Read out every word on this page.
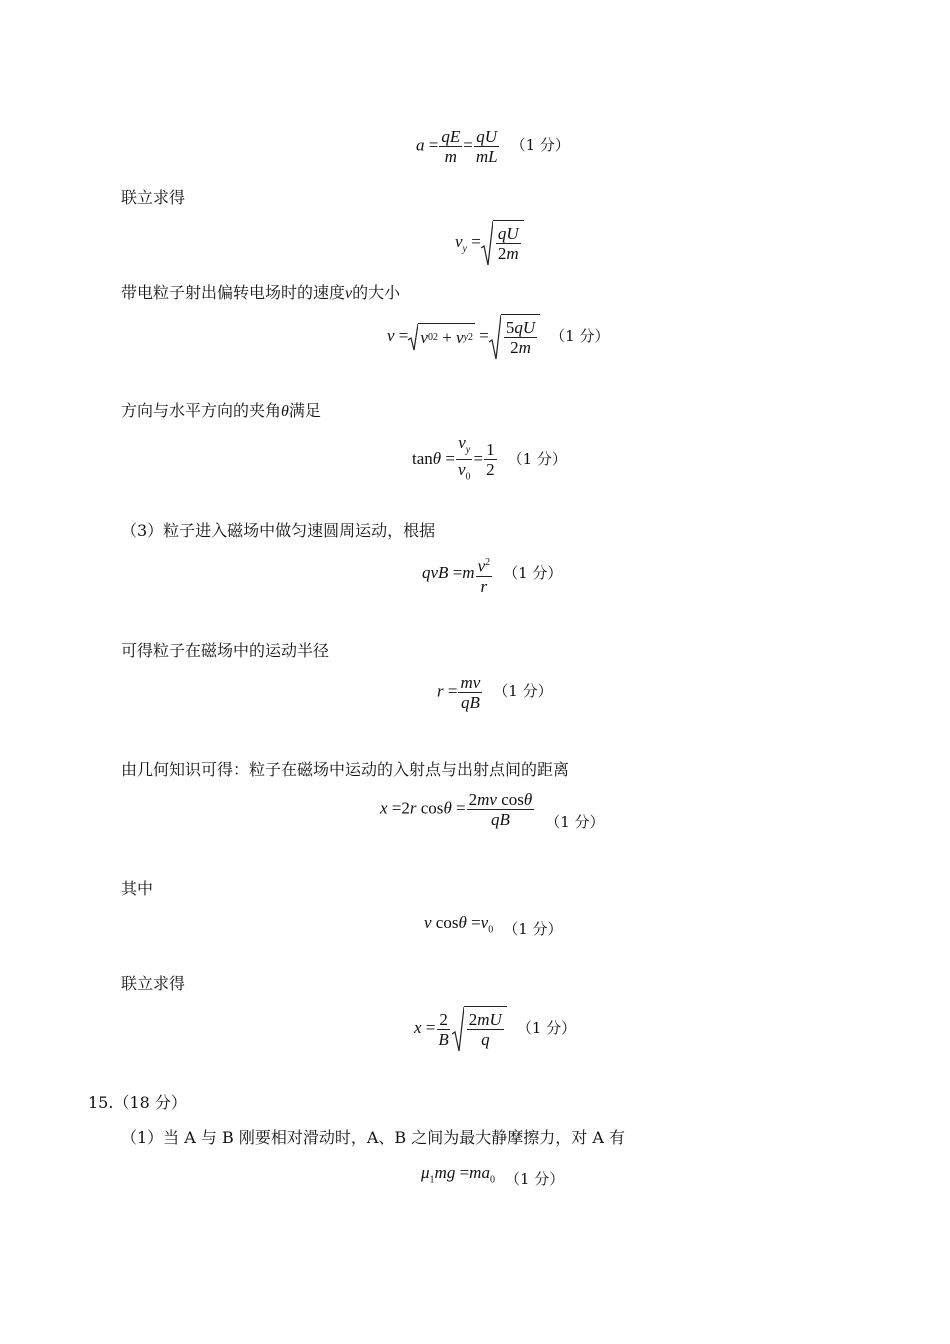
$a = \frac{qE}{m} = \frac{qU}{mL} (1$ 分）
联立求得
$v_y$ = qU
2m
带电粒子射出偏转电场时的速度v的大小
v = v 0 2 + v y 2 = 5qU
2m
（1 分）
方向与水平方向的夹角θ满足
$\tan\theta = \frac{v_y}{v_0} = \frac{1}{2} (1$ 分）
（3）粒子进入磁场中做匀速圆周运动，根据
qvB $=m \frac{v^2}{r} (1$ 分）
可得粒子在磁场中的运动半径
$r = \frac{mv}{qB} (1$ 分）
由几何知识可得：粒子在磁场中运动的入射点与出射点间的距离
x =2r $\cos\theta = \frac{\text{2mv cosθ}}{qB} (1$ 分）
其中
v $\cos\theta =v_0$ （1 分）
联立求得
$x = \frac{2}{B} 2mU$
q
（1 分）
15.（18 分）
（1）当 A 与 B 刚要相对滑动时，A、B 之间为最大静摩擦力，对 A 有
$\mu_1mg =ma_0$ （1 分）
